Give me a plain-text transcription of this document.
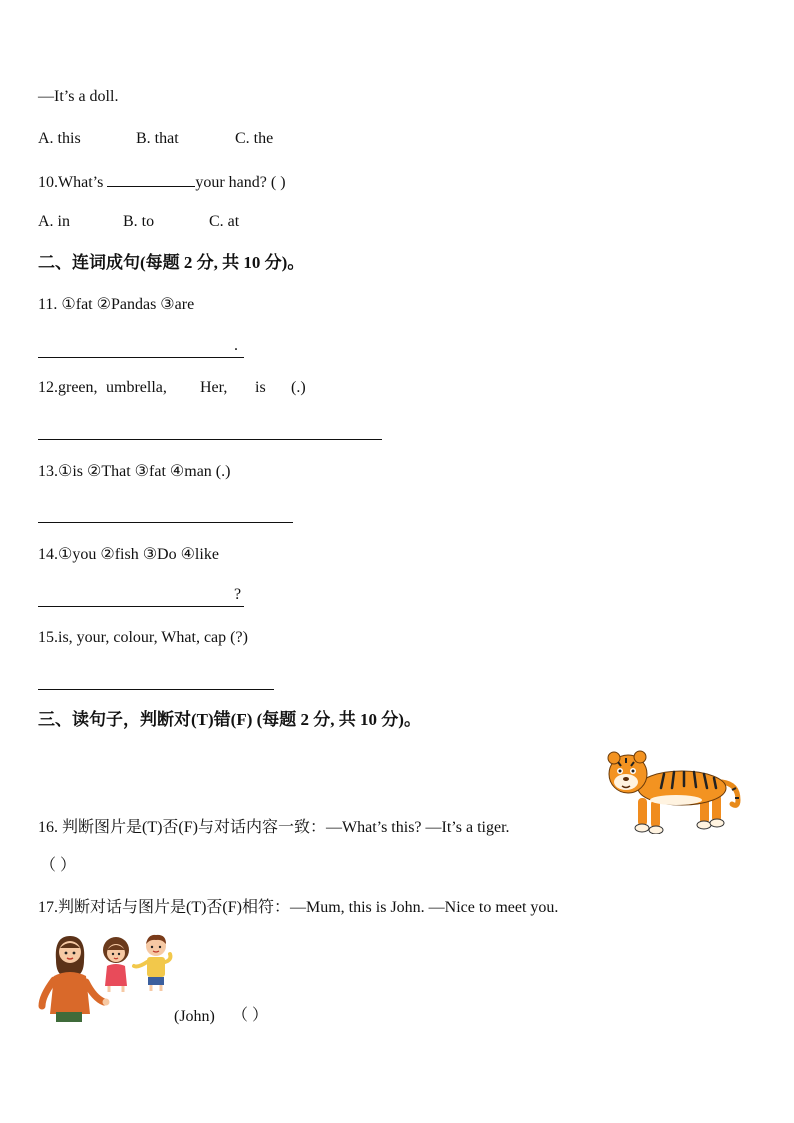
—It’s a doll.
A. this	B. that	C. the
10.What’s	your hand? ( )
A. in	B. to	C. at
二、连词成句(每题 2 分, 共 10 分)。
11. ①fat ②Pandas ③are
.
12.green, umbrella, Her, is (.)
13.①is ②That ③fat ④man (.)
14.①you ②fish ③Do ④like
?
15.is, your, colour, What, cap (?)
三、读句子，判断对(T)错(F) (每题 2 分, 共 10 分)。
16. 判断图片是(T)否(F)与对话内容一致：—What’s this? —It’s a tiger.
（ ）
17.判断对话与图片是(T)否(F)相符：—Mum, this is John. —Nice to meet you.
(John) （ ）
